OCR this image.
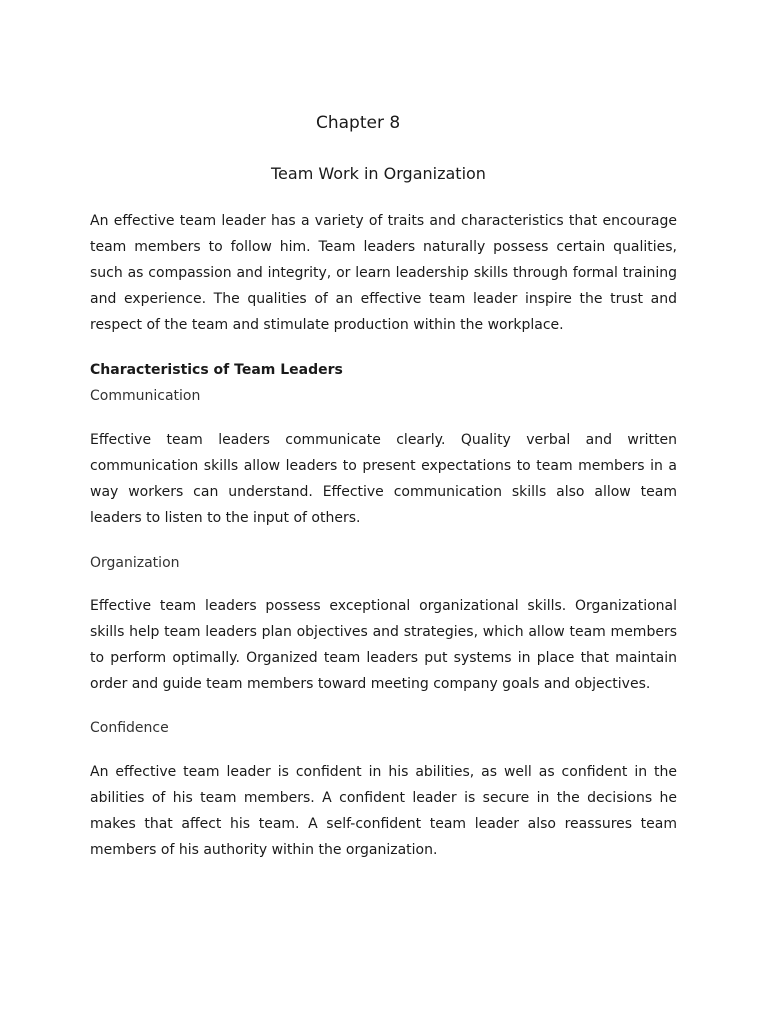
Chapter 8
Team Work in Organization

An effective team leader has a variety of traits and characteristics that encourage team members to follow him. Team leaders naturally possess certain qualities, such as compassion and integrity, or learn leadership skills through formal training and experience. The qualities of an effective team leader inspire the trust and respect of the team and stimulate production within the workplace.

Characteristics of Team Leaders
Communication

Effective team leaders communicate clearly. Quality verbal and written communication skills allow leaders to present expectations to team members in a way workers can understand. Effective communication skills also allow team leaders to listen to the input of others.

Organization

Effective team leaders possess exceptional organizational skills. Organizational skills help team leaders plan objectives and strategies, which allow team members to perform optimally. Organized team leaders put systems in place that maintain order and guide team members toward meeting company goals and objectives.

Confidence

An effective team leader is confident in his abilities, as well as confident in the abilities of his team members. A confident leader is secure in the decisions he makes that affect his team. A self-confident team leader also reassures team members of his authority within the organization.
